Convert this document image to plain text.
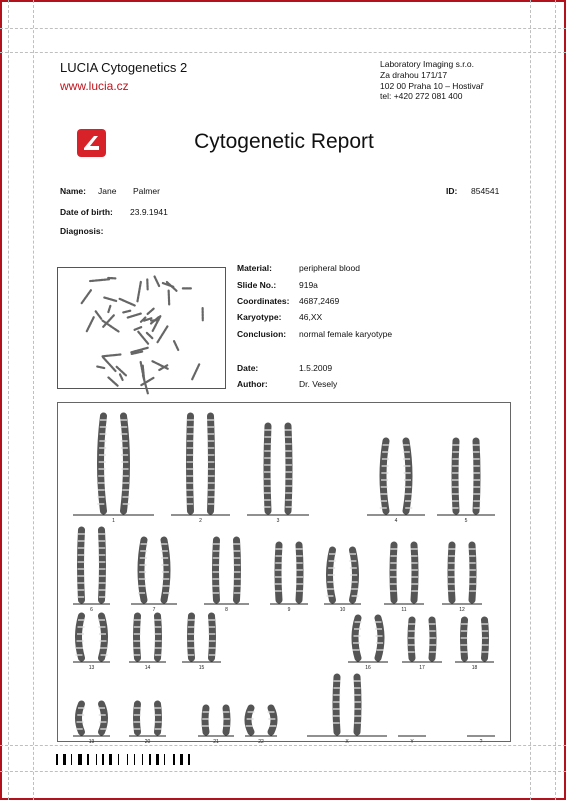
LUCIA Cytogenetics 2
www.lucia.cz
Laboratory Imaging s.r.o.
Za drahou 171/17
102 00 Praha 10 – Hostivař
tel: +420 272 081 400
Cytogenetic Report
Name: Jane Palmer	ID: 854541
Date of birth: 23.9.1941
Diagnosis:
Material:	peripheral blood
Slide No.:	919a
Coordinates: 4687,2469
Karyotype: 46,XX
Conclusion: normal female karyotype
Date:	1.5.2009
Author:	Dr. Vesely
1	2	3	4	5
6	7	8	9	10	11	12
13	14	15	16	17	18
19	20	21	22	X	Y	?
